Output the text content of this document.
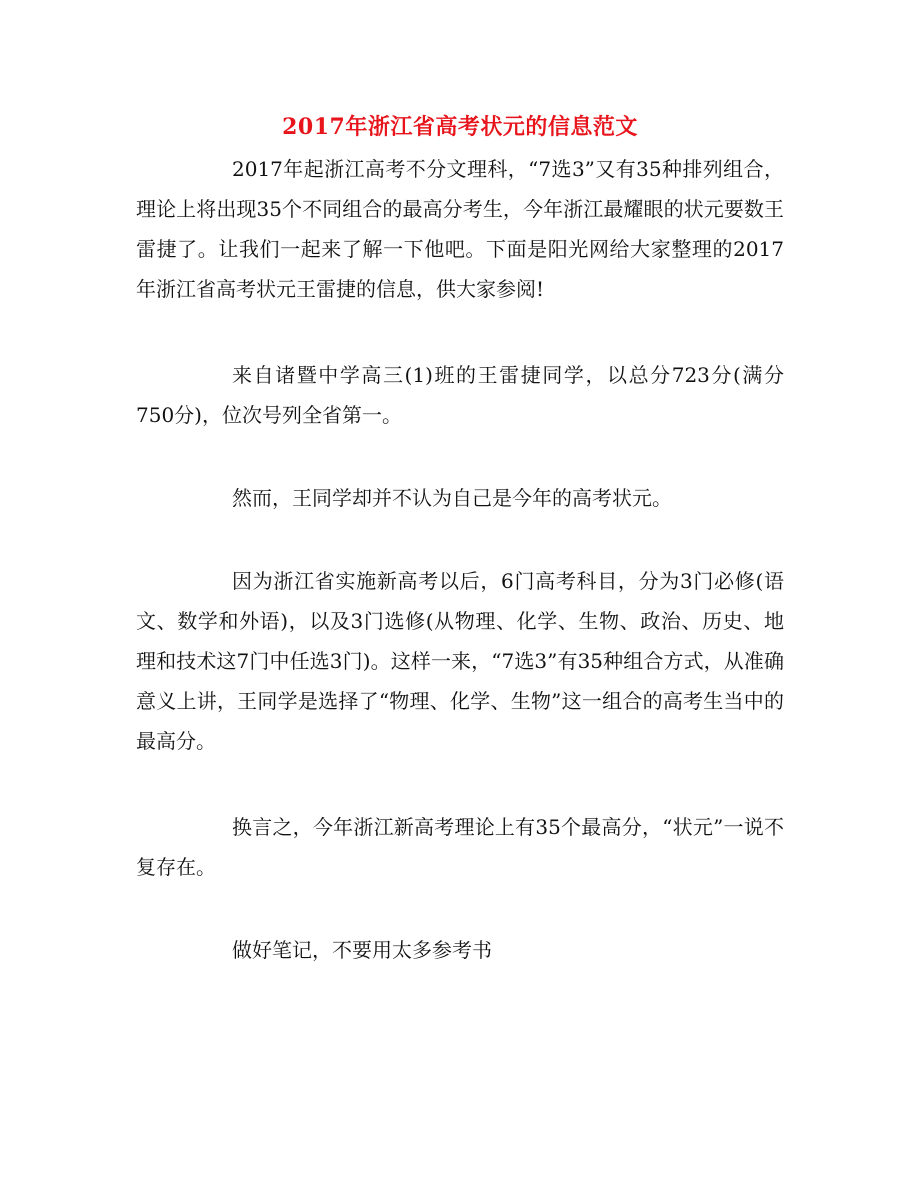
2017年浙江省高考状元的信息范文

2017年起浙江高考不分文理科，“7选3”又有35种排列组合，理论上将出现35个不同组合的最高分考生，今年浙江最耀眼的状元要数王雷捷了。让我们一起来了解一下他吧。下面是阳光网给大家整理的2017年浙江省高考状元王雷捷的信息，供大家参阅!

来自诸暨中学高三(1)班的王雷捷同学，以总分723分(满分750分)，位次号列全省第一。

然而，王同学却并不认为自己是今年的高考状元。

因为浙江省实施新高考以后，6门高考科目，分为3门必修(语文、数学和外语)，以及3门选修(从物理、化学、生物、政治、历史、地理和技术这7门中任选3门)。这样一来，“7选3”有35种组合方式，从准确意义上讲，王同学是选择了“物理、化学、生物”这一组合的高考生当中的最高分。

换言之，今年浙江新高考理论上有35个最高分，“状元”一说不复存在。

做好笔记，不要用太多参考书
